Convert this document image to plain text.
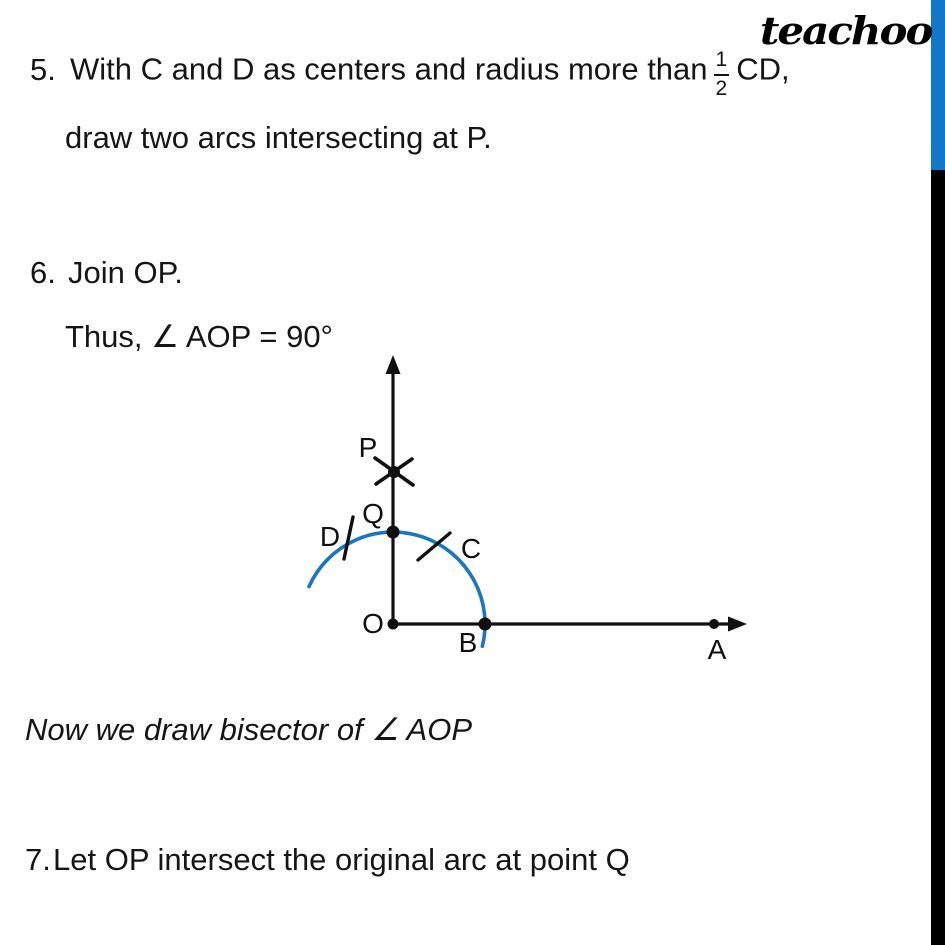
teachoo
5. With C and D as centers and radius more than $\frac{1}{2}$ CD,
draw two arcs intersecting at P.
6. Join OP.
Thus, ∠ AOP = 90°
P
Q
D	C
O
B	A
Now we draw bisector of ∠ AOP
7.Let OP intersect the original arc at point Q
